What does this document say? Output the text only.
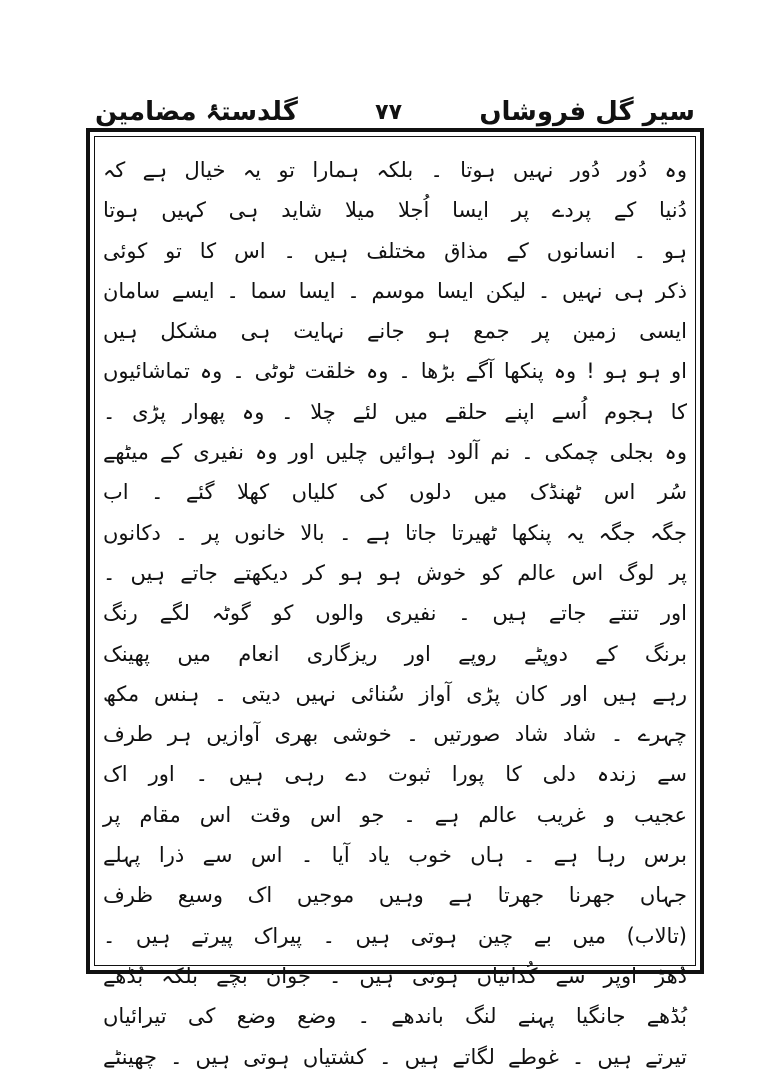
سیر گل فروشاں
۷۷
گلدستۂ مضامین
وہ دُور دُور نہیں ہوتا ۔ بلکہ ہمارا تو یہ خیال ہے کہ
دُنیا کے پردے پر ایسا اُجلا میلا شاید ہی کہیں ہوتا
ہو ۔ انسانوں کے مذاق مختلف ہیں ۔ اس کا تو کوئی
ذکر ہی نہیں ۔ لیکن ایسا موسم ۔ ایسا سما ۔ ایسے سامان
ایسی زمین پر جمع ہو جانے نہایت ہی مشکل ہیں
او ہو ہو ! وہ پنکھا آگے بڑھا ۔ وہ خلقت ٹوٹی ۔ وہ تماشائیوں
کا ہجوم اُسے اپنے حلقے میں لئے چلا ۔ وہ پھوار پڑی ۔
وہ بجلی چمکی ۔ نم آلود ہوائیں چلیں اور وہ نفیری کے میٹھے
سُر اس ٹھنڈک میں دلوں کی کلیاں کھلا گئے ۔ اب
جگہ جگہ یہ پنکھا ٹھیرتا جاتا ہے ۔ بالا خانوں پر ۔ دکانوں
پر لوگ اس عالم کو خوش ہو ہو کر دیکھتے جاتے ہیں ۔
اور تنتے جاتے ہیں ۔ نفیری والوں کو گوٹہ لگے رنگ
برنگ کے دوپٹے روپے اور ریزگاری انعام میں پھینک
رہے ہیں اور کان پڑی آواز سُنائی نہیں دیتی ۔ ہنس مکھ
چہرے ۔ شاد شاد صورتیں ۔ خوشی بھری آوازیں ہر طرف
سے زندہ دلی کا پورا ثبوت دے رہی ہیں ۔ اور اک
عجیب و غریب عالم ہے ۔ جو اس وقت اس مقام پر
برس رہا ہے ۔ ہاں خوب یاد آیا ۔ اس سے ذرا پہلے
جہاں جھرنا جھرتا ہے وہیں موجیں اک وسیع ظرف
(تالاب) میں بے چین ہوتی ہیں ۔ پیراک پیرتے ہیں ۔
دُھڑ اوپر سے کُدائیاں ہوتی ہیں ۔ جوان بچے بلکہ بُڈھے
بُڈھے جانگیا پہنے لنگ باندھے ۔ وضع وضع کی تیرائیاں
تیرتے ہیں ۔ غوطے لگاتے ہیں ۔ کشتیاں ہوتی ہیں ۔ چھینٹے
